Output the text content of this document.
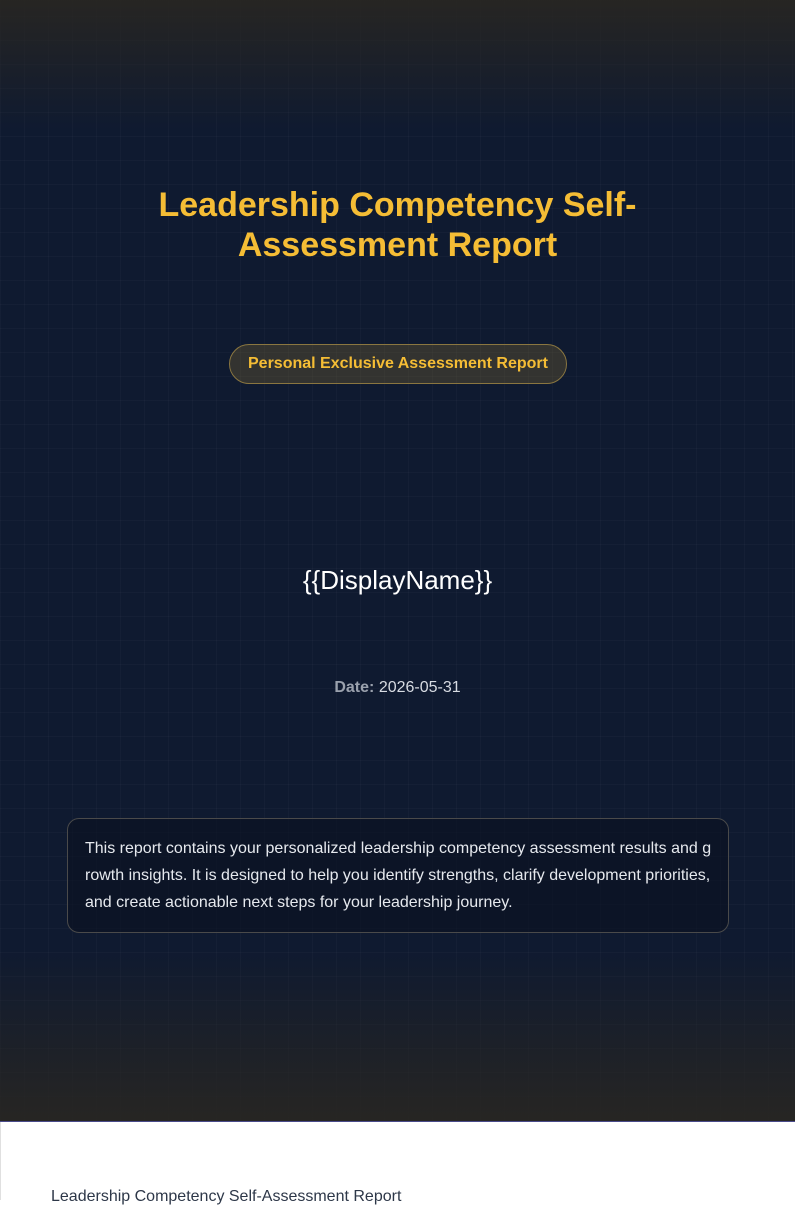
Leadership Competency Self-Assessment Report
Personal Exclusive Assessment Report
{{DisplayName}}
Date: 2026-05-31
This report contains your personalized leadership competency assessment results and growth insights. It is designed to help you identify strengths, clarify development priorities, and create actionable next steps for your leadership journey.
Leadership Competency Self-Assessment Report
